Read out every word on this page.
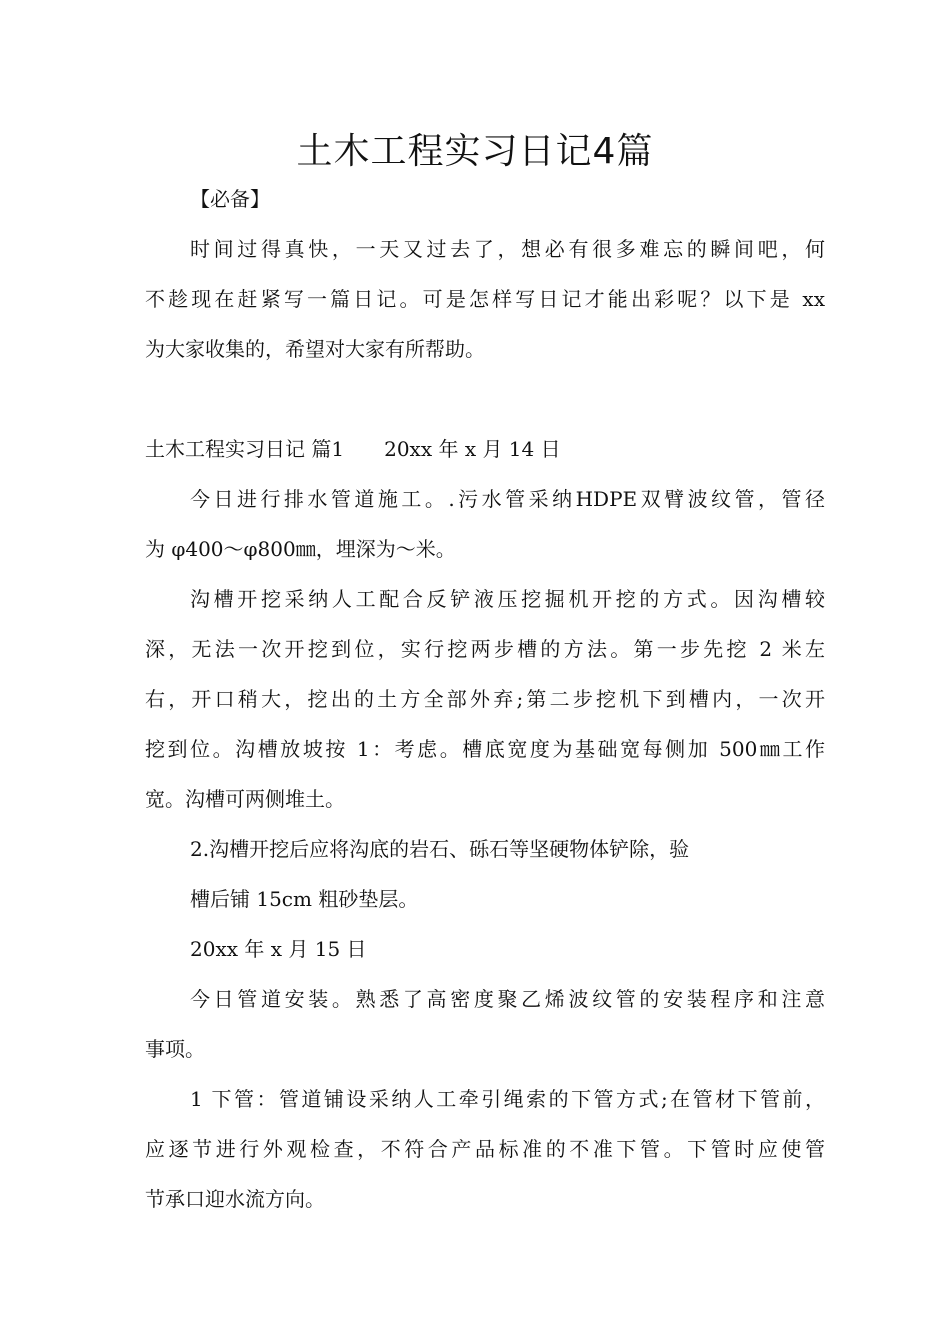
土木工程实习日记4篇
【必备】
时间过得真快，一天又过去了，想必有很多难忘的瞬间吧，何
不趁现在赶紧写一篇日记。可是怎样写日记才能出彩呢？以下是 xx
为大家收集的，希望对大家有所帮助。
土木工程实习日记 篇1 20xx 年 x 月 14 日
今日进行排水管道施工。.污水管采纳HDPE双臂波纹管，管径
为 φ400～φ800㎜，埋深为～米。
沟槽开挖采纳人工配合反铲液压挖掘机开挖的方式。因沟槽较
深，无法一次开挖到位，实行挖两步槽的方法。第一步先挖 2 米左
右，开口稍大，挖出的土方全部外弃;第二步挖机下到槽内，一次开
挖到位。沟槽放坡按 1：考虑。槽底宽度为基础宽每侧加 500㎜工作
宽。沟槽可两侧堆土。
2.沟槽开挖后应将沟底的岩石、砾石等坚硬物体铲除，验
槽后铺 15cm 粗砂垫层。
20xx 年 x 月 15 日
今日管道安装。熟悉了高密度聚乙烯波纹管的安装程序和注意
事项。
1 下管：管道铺设采纳人工牵引绳索的下管方式;在管材下管前，
应逐节进行外观检查，不符合产品标准的不准下管。下管时应使管
节承口迎水流方向。
